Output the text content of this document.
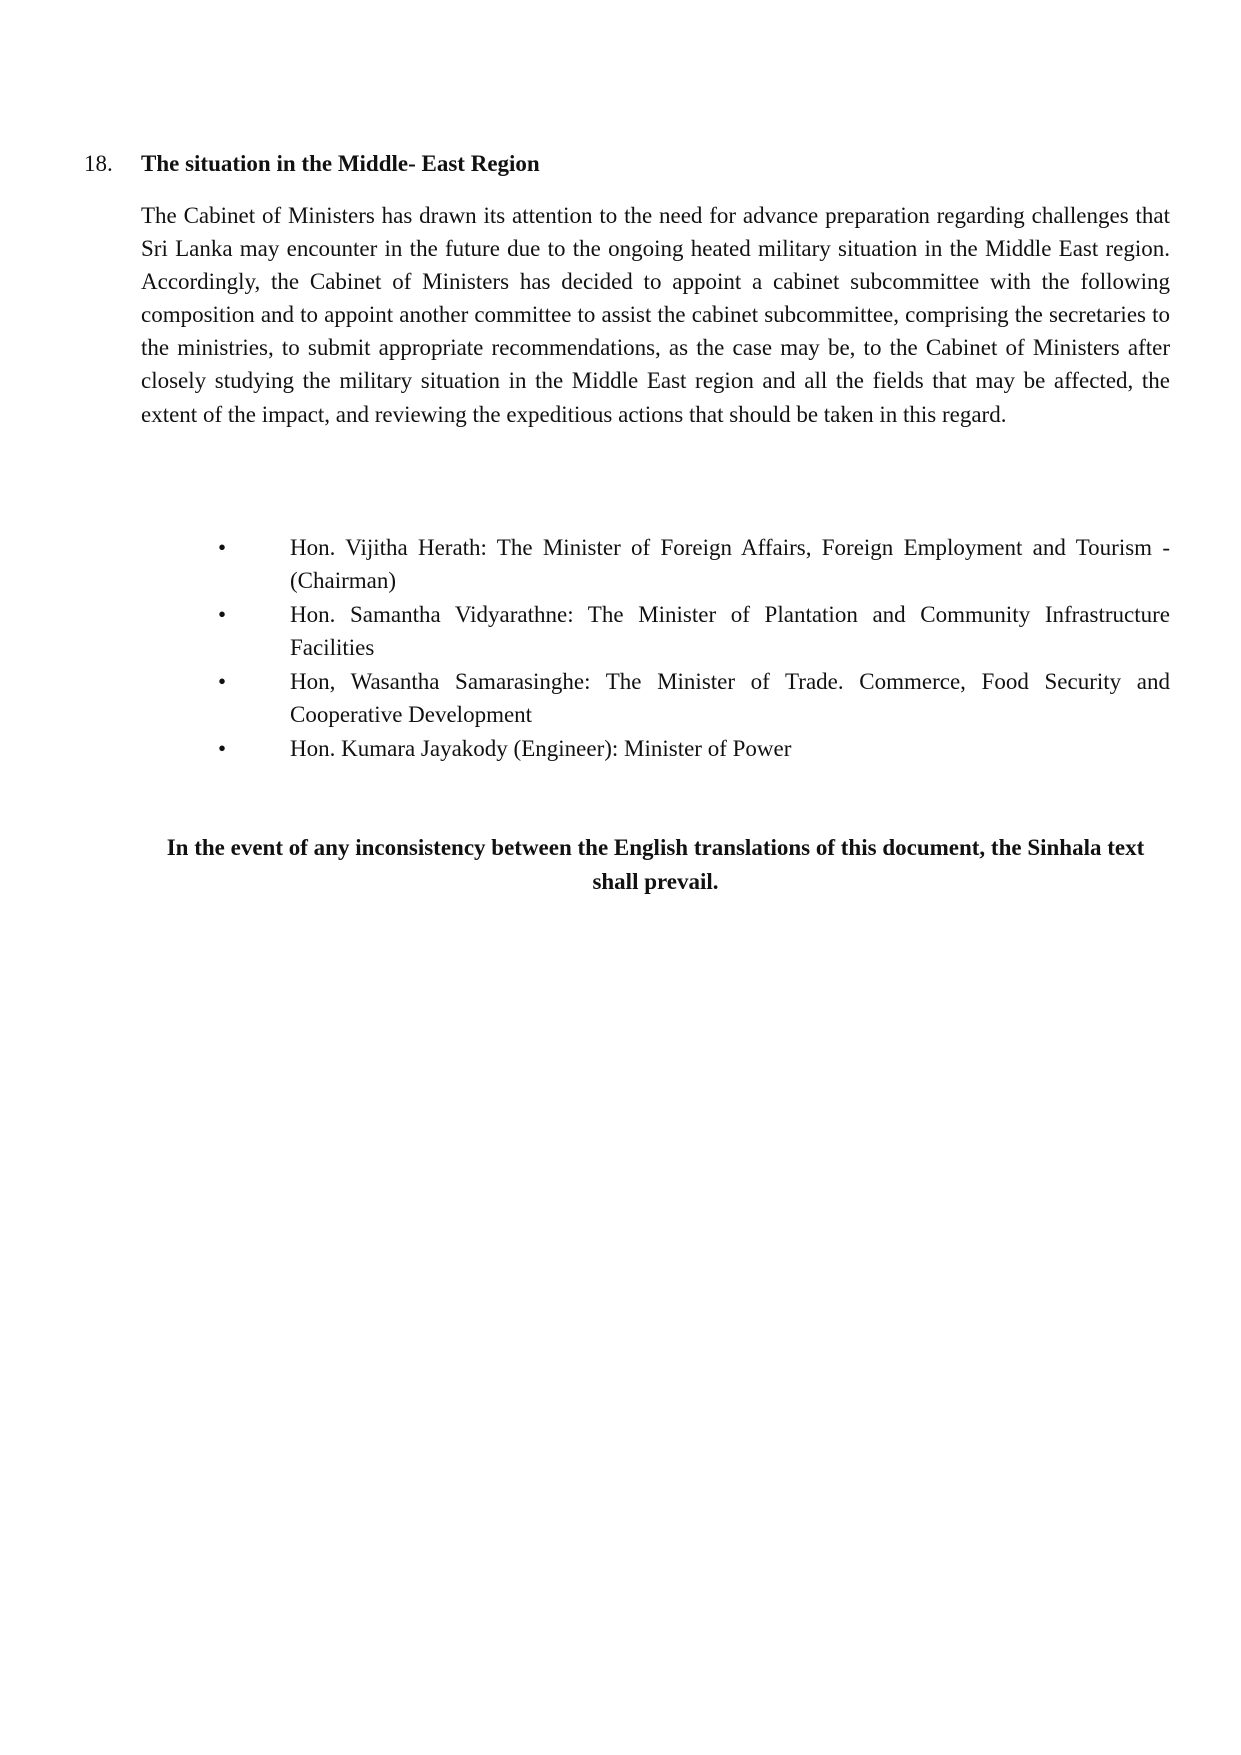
18. The situation in the Middle- East Region

The Cabinet of Ministers has drawn its attention to the need for advance preparation regarding challenges that Sri Lanka may encounter in the future due to the ongoing heated military situation in the Middle East region. Accordingly, the Cabinet of Ministers has decided to appoint a cabinet subcommittee with the following composition and to appoint another committee to assist the cabinet subcommittee, comprising the secretaries to the ministries, to submit appropriate recommendations, as the case may be, to the Cabinet of Ministers after closely studying the military situation in the Middle East region and all the fields that may be affected, the extent of the impact, and reviewing the expeditious actions that should be taken in this regard.

•	Hon. Vijitha Herath: The Minister of Foreign Affairs, Foreign Employment and Tourism - (Chairman)
•	Hon. Samantha Vidyarathne: The Minister of Plantation and Community Infrastructure Facilities
•	Hon, Wasantha Samarasinghe: The Minister of Trade. Commerce, Food Security and Cooperative Development
•	Hon. Kumara Jayakody (Engineer): Minister of Power

In the event of any inconsistency between the English translations of this document, the Sinhala text shall prevail.
